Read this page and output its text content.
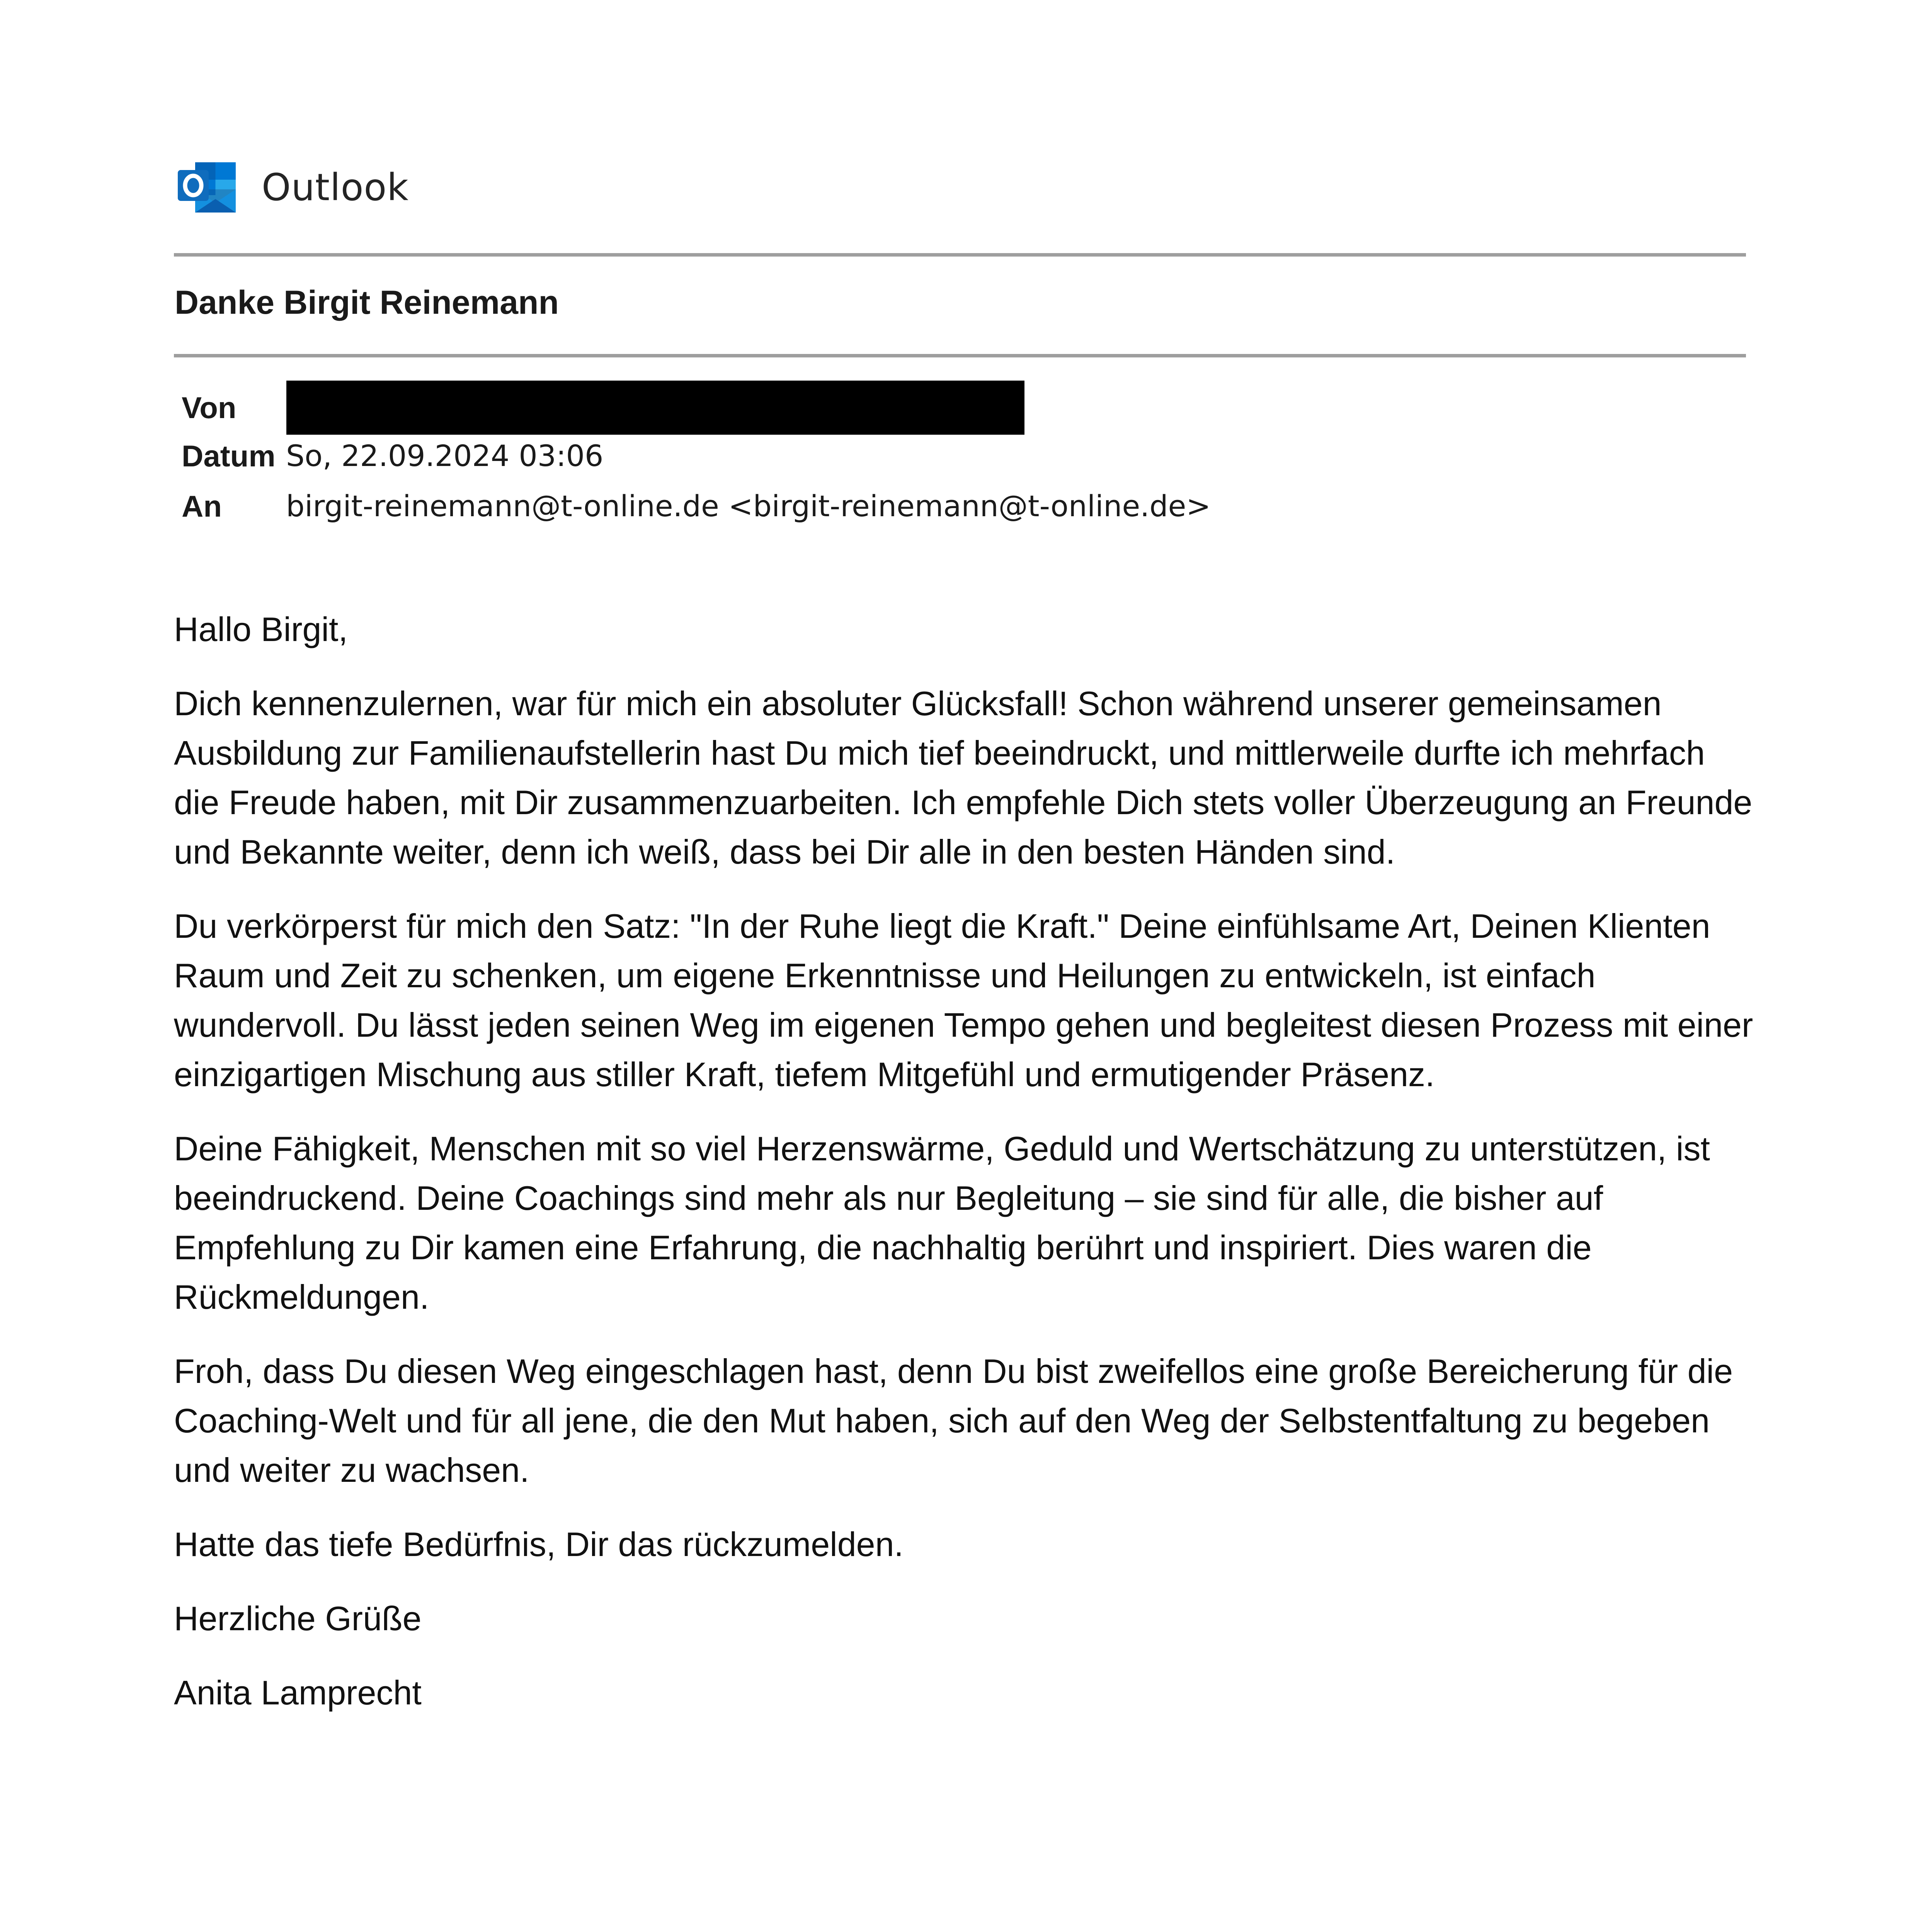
Outlook
Danke Birgit Reinemann
Von
Datum So, 22.09.2024 03:06
An	birgit-reinemann@t-online.de <birgit-reinemann@t-online.de>

Hallo Birgit,

Dich kennenzulernen, war für mich ein absoluter Glücksfall! Schon während unserer gemeinsamen Ausbildung zur Familienaufstellerin hast Du mich tief beeindruckt, und mittlerweile durfte ich mehrfach die Freude haben, mit Dir zusammenzuarbeiten. Ich empfehle Dich stets voller Überzeugung an Freunde und Bekannte weiter, denn ich weiß, dass bei Dir alle in den besten Händen sind.

Du verkörperst für mich den Satz: "In der Ruhe liegt die Kraft." Deine einfühlsame Art, Deinen Klienten Raum und Zeit zu schenken, um eigene Erkenntnisse und Heilungen zu entwickeln, ist einfach wundervoll. Du lässt jeden seinen Weg im eigenen Tempo gehen und begleitest diesen Prozess mit einer einzigartigen Mischung aus stiller Kraft, tiefem Mitgefühl und ermutigender Präsenz.

Deine Fähigkeit, Menschen mit so viel Herzenswärme, Geduld und Wertschätzung zu unterstützen, ist beeindruckend. Deine Coachings sind mehr als nur Begleitung – sie sind für alle, die bisher auf Empfehlung zu Dir kamen eine Erfahrung, die nachhaltig berührt und inspiriert. Dies waren die Rückmeldungen.

Froh, dass Du diesen Weg eingeschlagen hast, denn Du bist zweifellos eine große Bereicherung für die Coaching-Welt und für all jene, die den Mut haben, sich auf den Weg der Selbstentfaltung zu begeben und weiter zu wachsen.

Hatte das tiefe Bedürfnis, Dir das rückzumelden.

Herzliche Grüße

Anita Lamprecht
